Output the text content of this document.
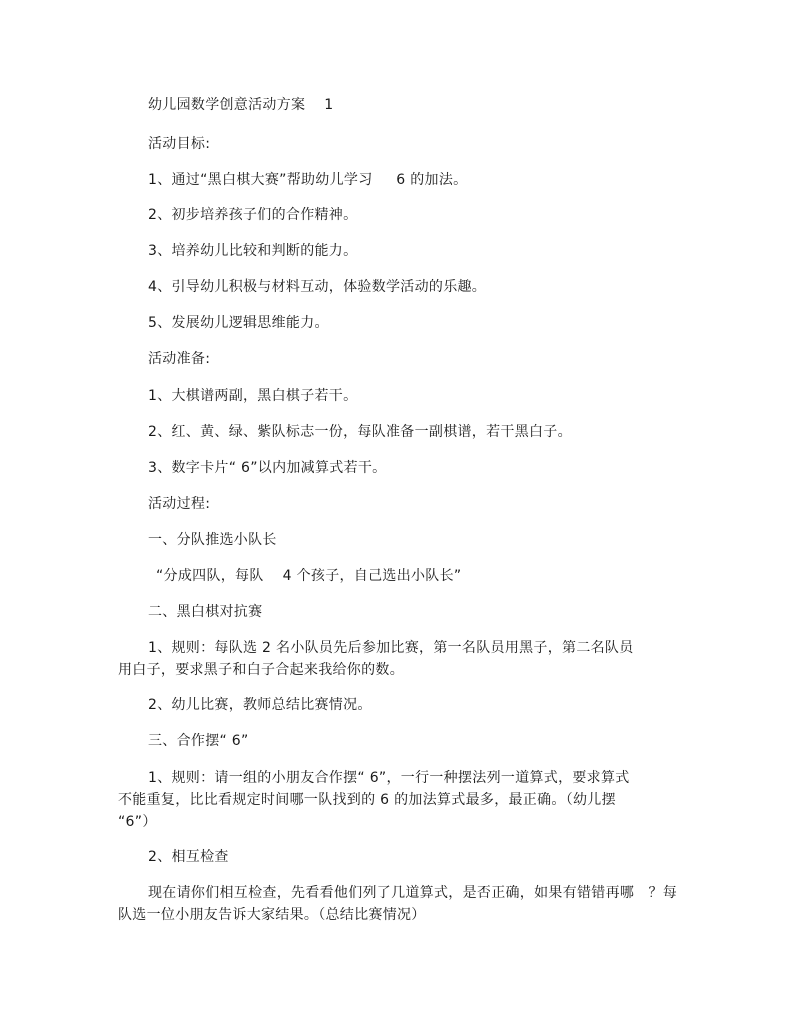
幼儿园数学创意活动方案    1
活动目标:
1、通过“黑白棋大赛”帮助幼儿学习     6 的加法。
2、初步培养孩子们的合作精神。
3、培养幼儿比较和判断的能力。
4、引导幼儿积极与材料互动，体验数学活动的乐趣。
5、发展幼儿逻辑思维能力。
活动准备:
1、大棋谱两副，黑白棋子若干。
2、红、黄、绿、紫队标志一份，每队准备一副棋谱，若干黑白子。
3、数字卡片“ 6”以内加减算式若干。
活动过程:
一、分队推选小队长
“分成四队，每队    4 个孩子，自己选出小队长”
二、黑白棋对抗赛
1、规则：每队选 2 名小队员先后参加比赛，第一名队员用黑子，第二名队员
用白子，要求黑子和白子合起来我给你的数。
2、幼儿比赛，教师总结比赛情况。
三、合作摆“ 6”
1、规则：请一组的小朋友合作摆“ 6”，一行一种摆法列一道算式，要求算式
不能重复，比比看规定时间哪一队找到的 6 的加法算式最多，最正确。（幼儿摆
“6”）
2、相互检查
现在请你们相互检查，先看看他们列了几道算式，是否正确，如果有错错再哪   ？每
队选一位小朋友告诉大家结果。（总结比赛情况）
